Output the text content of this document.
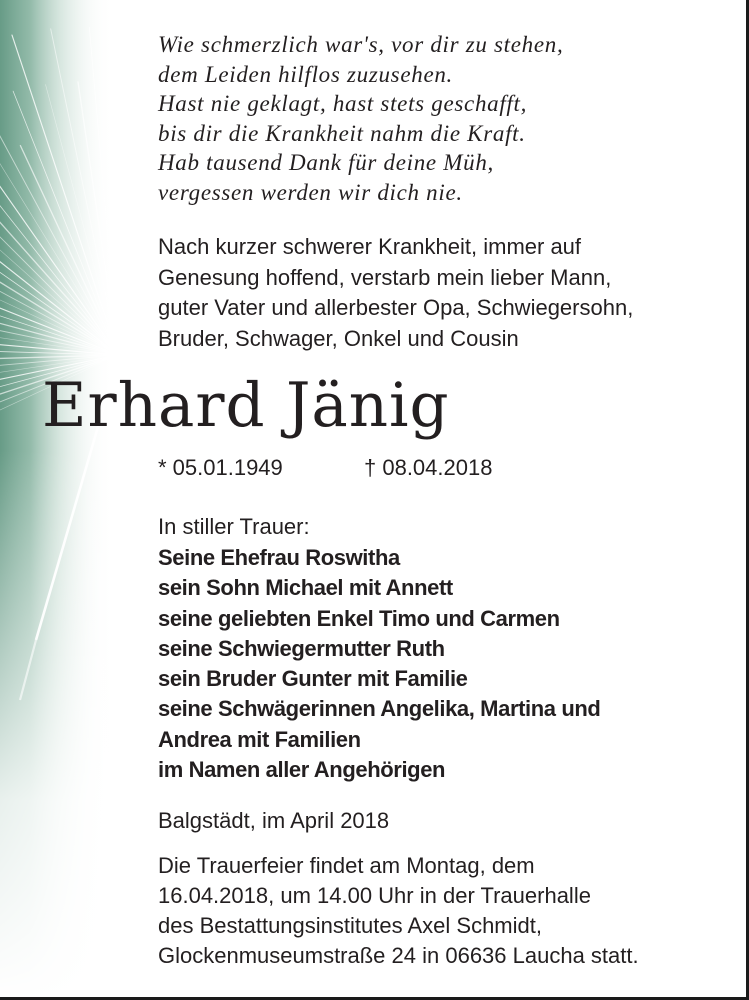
Wie schmerzlich war's, vor dir zu stehen,
dem Leiden hilflos zuzusehen.
Hast nie geklagt, hast stets geschafft,
bis dir die Krankheit nahm die Kraft.
Hab tausend Dank für deine Müh,
vergessen werden wir dich nie.
Nach kurzer schwerer Krankheit, immer auf
Genesung hoffend, verstarb mein lieber Mann,
guter Vater und allerbester Opa, Schwiegersohn,
Bruder, Schwager, Onkel und Cousin
Erhard Jänig
* 05.01.1949	† 08.04.2018
In stiller Trauer:
Seine Ehefrau Roswitha
sein Sohn Michael mit Annett
seine geliebten Enkel Timo und Carmen
seine Schwiegermutter Ruth
sein Bruder Gunter mit Familie
seine Schwägerinnen Angelika, Martina und
Andrea mit Familien
im Namen aller Angehörigen
Balgstädt, im April 2018
Die Trauerfeier findet am Montag, dem
16.04.2018, um 14.00 Uhr in der Trauerhalle
des Bestattungsinstitutes Axel Schmidt,
Glockenmuseumstraße 24 in 06636 Laucha statt.
